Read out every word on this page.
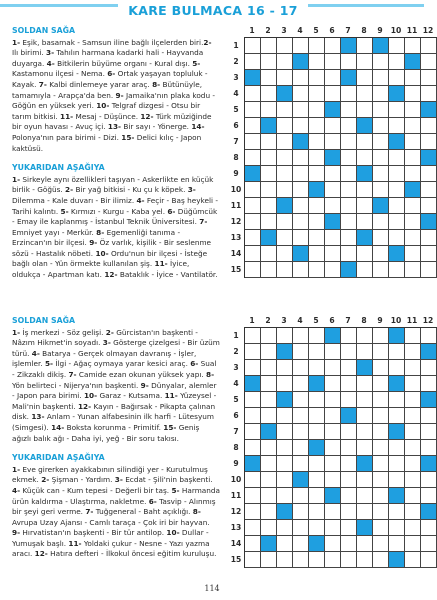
KARE BULMACA 16 - 17
SOLDAN SAĞA

1- Eşik, basamak - Samsun iline bağlı ilçelerden biri.2- Ilı birimi. 3- Tahılın harmana kadarki hali - Hayvanda duyarga. 4- Bitkilerin büyüme organı - Kural dışı. 5- Kastamonu ilçesi - Nema. 6- Ortak yaşayan topluluk - Kayak. 7- Kalbi dinlemeye yarar araç. 8- Bütünüyle, tamamıyla - Arapça'da ben. 9- Jamaika'nın plaka kodu - Göğün en yüksek yeri. 10- Telgraf dizgesi - Otsu bir tarım bitkisi. 11- Mesaj - Düşünce. 12- Türk müziğinde bir oyun havası - Avuç içi. 13- Bir sayı - Yönerge. 14- Polonya'nın para birimi - Dizi. 15- Delici kılıç - Japon kaktüsü.

YUKARIDAN AŞAĞIYA

1- Sirkeyle aynı özellikleri taşıyan - Askerlikte en küçük birlik - Göğüs. 2- Bir yağ bitkisi - Ku çu k köpek. 3- Dilemma - Kale duvarı - Bir ilimiz. 4- Feçir - Baş heykeli - Tarihi kalıntı. 5- Kırmızı - Kurgu - Kaba yel. 6- Düğümcük - Emay ile kaplanmış - İstanbul Teknik Üniversitesi. 7- Emniyet yayı - Merkür. 8- Egemenliği tanıma - Erzincan'ın bir ilçesi. 9- Öz varlık, kişilik - Bir seslenme sözü - Hastalık nöbeti. 10- Ordu'nun bir ilçesi - İsteğe bağlı olan - Yün örmekte kullanılan şiş. 11- İyice, oldukça - Apartman katı. 12- Bataklık - İyice - Vantilatör.

1	2	3	4	5	6	7	8	9	10 11 12
1
2
3
4
5
6
7
8
9
10
11
12
13
14
15
SOLDAN SAĞA

1- İş merkezi - Söz gelişi. 2- Gürcistan'ın başkenti - Nâzım Hikmet'in soyadı. 3- Gösterge çizelgesi - Bir üzüm türü. 4- Batarya - Gerçek olmayan davranış - İşler, işlemler. 5- İlgi - Ağaç oymaya yarar kesici araç. 6- Sual - Zikzaklı dikiş. 7- Camide ezan okunan yüksek yapı. 8- Yön belirteci - Nijerya'nın başkenti. 9- Dünyalar, alemler - Japon para birimi. 10- Garaz - Kutsama. 11- Yüzeysel - Mali'nin başkenti. 12- Kayın - Bağırsak - Pikapta çalınan disk. 13- Anlam - Yunan alfabesinin ilk harfi - Lütesyum (Simgesi). 14- Boksta korunma - Primitif. 15- Geniş ağızlı balık ağı - Daha iyi, yeğ - Bir soru takısı.

YUKARIDAN AŞAĞIYA

1- Eve girerken ayakkabının silindiği yer - Kurutulmuş ekmek. 2- Şişman - Yardım. 3- Ecdat - Şili'nin başkenti. 4- Küçük can - Kum tepesi - Değerli bir taş. 5- Harmanda ürün kaldırma - Ulaştırma, nakletme. 6- Tasvip - Alınmış bir şeyi geri verme. 7- Tuğgeneral - Baht açıklığı. 8- Avrupa Uzay Ajansı - Camlı taraça - Çok iri bir hayvan. 9- Hırvatistan'ın başkenti - Bir tür antilop. 10- Dullar - Yumuşak başlı. 11- Yoldaki çukur - Nesne - Yazı yazma aracı. 12- Hatıra defteri - İlkokul öncesi eğitim kuruluşu.

1	2	3	4	5	6	7	8	9	10 11 12
1
2
3
4
5
6
7
8
9
10
11
12
13
14
15
114
